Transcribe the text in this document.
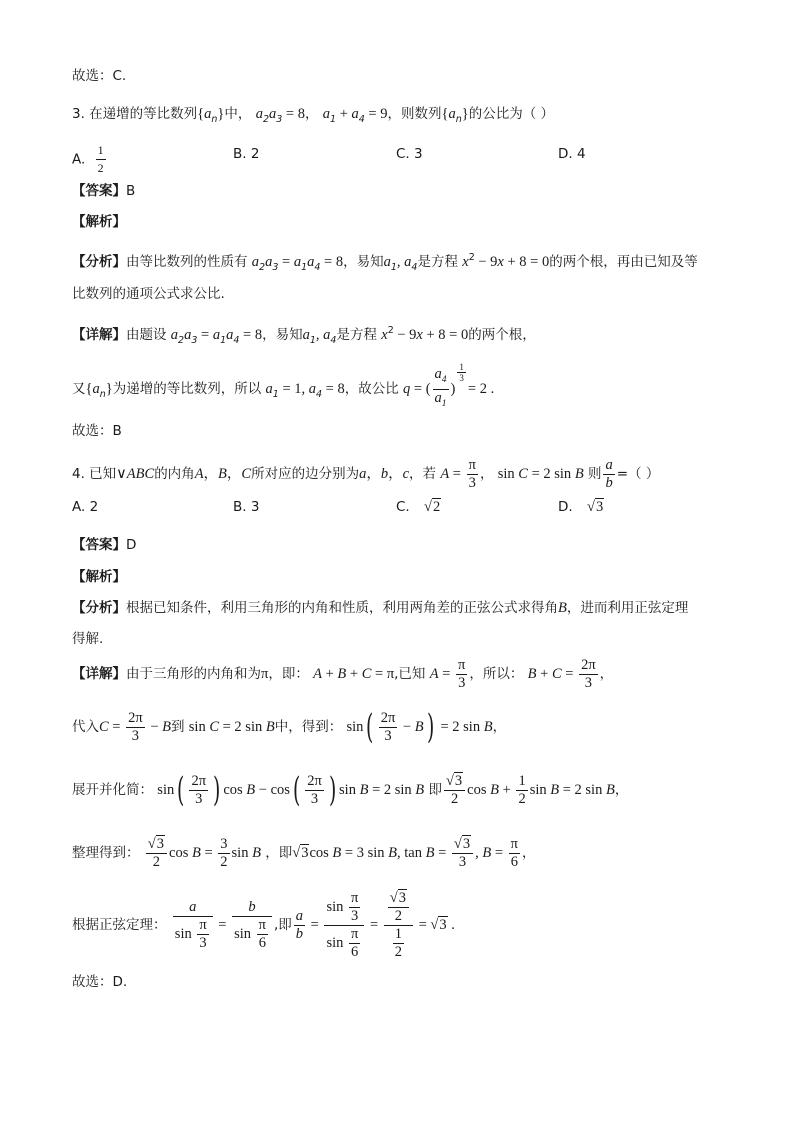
故选：C.
3. 在递增的等比数列$\{a_n\}$中， $a_2a_3 = 8$， $a_1 + a_4 = 9$，则数列$\{a_n\}$的公比为（ ）
A. $\frac{1}{2}$	B. 2	C. 3	D. 4
【答案】B
【解析】
【分析】由等比数列的性质有 $a_2a_3 = a_1a_4 = 8$，易知$a_1$, $a_4$是方程 $x^2 - 9x + 8 = 0$的两个根，再由已知及等
比数列的通项公式求公比.
【详解】由题设 $a_2a_3 = a_1a_4 = 8$，易知$a_1$, $a_4$是方程 $x^2 - 9x + 8 = 0$的两个根，
又$\{a_n\}$为递增的等比数列，所以 $a_1 = 1$, $a_4 = 8$，故公比 q = ( $\frac{a_4}{a_1}$ )
$\frac{1}{3}$
= 2 .
故选：B
4. 已知∨ABC的内角A，B，C所对应的边分别为a，b，c，若 $A = \frac{\pi}{3}$ ， sin C = 2 sin B 则 $\frac{a}{b}$ =（ ）
A. 2	B. 3	C. √2	D. √3
【答案】D
【解析】
【分析】根据已知条件，利用三角形的内角和性质，利用两角差的正弦公式求得角B，进而利用正弦定理
得解.
【详解】由于三角形的内角和为π，即： A + B + C = π,已知 $A = \frac{\pi}{3}$ ，所以： $B + C = \frac{2\pi}{3}$ ，
代入$C = \frac{2\pi}{3} - B$到 sin C = 2 sin B中，得到： $\sin( \frac{2\pi}{3} - B) = 2$ sin B，
展开并化简： $\sin( \frac{2\pi}{3}$ ) $\cos B - \cos( \frac{2\pi}{3}$ ) sin B = 2 sin B 即 $\frac{√3}{2}$ $\cos B + \frac{1}{2}$ sin B = 2 sin B，
整理得到： $\frac{√3}{2}$ $\cos B = \frac{3}{2}$ sin B ，即√3cos B = 3 sin B, $\tan B = \frac{√3}{3}$ , $B = \frac{\pi}{6}$ ，
根据正弦定理： $\frac{a}{\sin \frac{\pi}{3}} = \frac{b}{\sin \frac{\pi}{6}}$ ,即 $\frac{a}{b} = \frac{\sin \frac{\pi}{3}}{\sin \frac{\pi}{6}} = \frac{\frac{√3}{2}}{\frac{1}{2}} = √3$ .
故选：D.
